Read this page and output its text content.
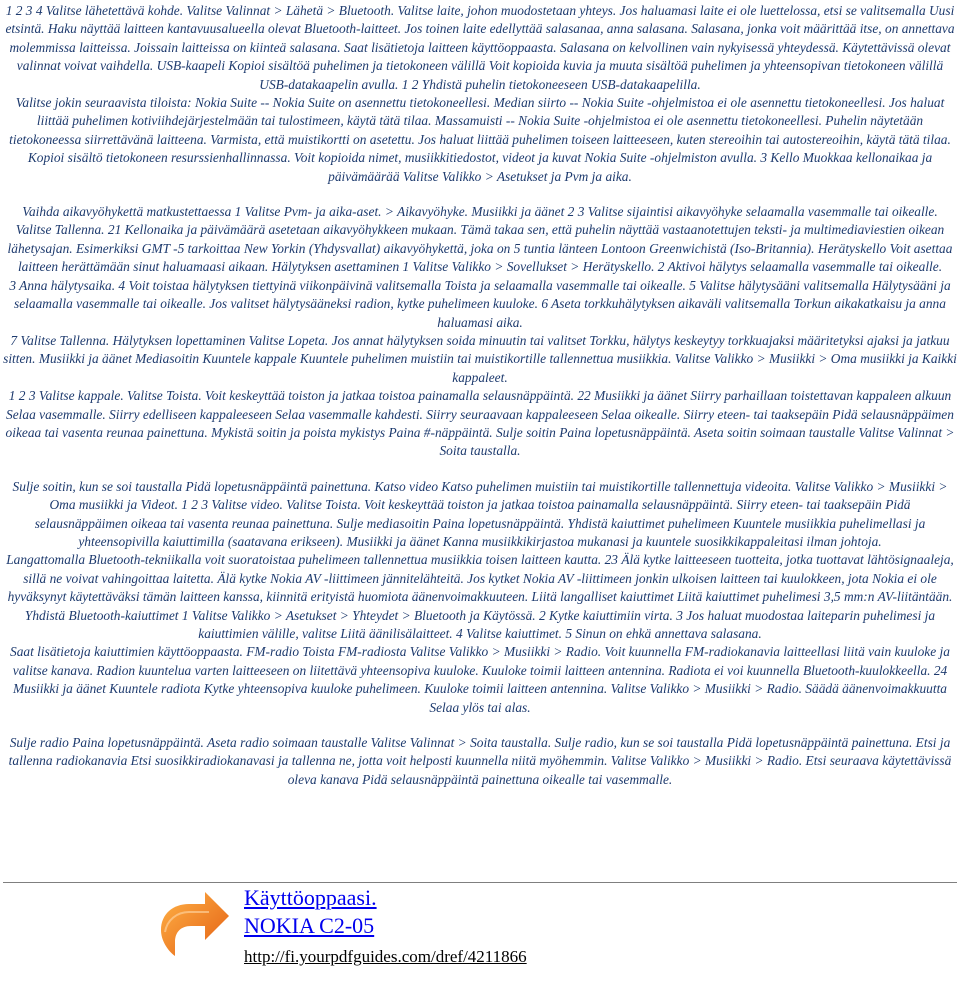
1 2 3 4 Valitse lähetettävä kohde. Valitse Valinnat > Lähetä > Bluetooth. Valitse laite, johon muodostetaan yhteys. Jos haluamasi laite ei ole luettelossa, etsi se valitsemalla Uusi etsintä. Haku näyttää laitteen kantavuusalueella olevat Bluetooth-laitteet. Jos toinen laite edellyttää salasanaa, anna salasana. Salasana, jonka voit määrittää itse, on annettava molemmissa laitteissa. Joissain laitteissa on kiinteä salasana. Saat lisätietoja laitteen käyttöoppaasta. Salasana on kelvollinen vain nykyisessä yhteydessä. Käytettävissä olevat valinnat voivat vaihdella. USB-kaapeli Kopioi sisältöä puhelimen ja tietokoneen välillä Voit kopioida kuvia ja muuta sisältöä puhelimen ja yhteensopivan tietokoneen välillä USB-datakaapelin avulla. 1 2 Yhdistä puhelin tietokoneeseen USB-datakaapelilla.

Valitse jokin seuraavista tiloista: Nokia Suite -- Nokia Suite on asennettu tietokoneellesi. Median siirto -- Nokia Suite -ohjelmistoa ei ole asennettu tietokoneellesi. Jos haluat liittää puhelimen kotiviihdejärjestelmään tai tulostimeen, käytä tätä tilaa. Massamuisti -- Nokia Suite -ohjelmistoa ei ole asennettu tietokoneellesi. Puhelin näytetään tietokoneessa siirrettävänä laitteena. Varmista, että muistikortti on asetettu. Jos haluat liittää puhelimen toiseen laitteeseen, kuten stereoihin tai autostereoihin, käytä tätä tilaa. Kopioi sisältö tietokoneen resurssienhallinnassa. Voit kopioida nimet, musiikkitiedostot, videot ja kuvat Nokia Suite -ohjelmiston avulla. 3 Kello Muokkaa kellonaikaa ja päivämäärää Valitse Valikko > Asetukset ja Pvm ja aika.

Vaihda aikavyöhykettä matkustettaessa 1 Valitse Pvm- ja aika-aset. > Aikavyöhyke. Musiikki ja äänet 2 3 Valitse sijaintisi aikavyöhyke selaamalla vasemmalle tai oikealle. Valitse Tallenna. 21 Kellonaika ja päivämäärä asetetaan aikavyöhykkeen mukaan. Tämä takaa sen, että puhelin näyttää vastaanotettujen teksti- ja multimediaviestien oikean lähetysajan. Esimerkiksi GMT -5 tarkoittaa New Yorkin (Yhdysvallat) aikavyöhykettä, joka on 5 tuntia länteen Lontoon Greenwichistä (Iso-Britannia). Herätyskello Voit asettaa laitteen herättämään sinut haluamaasi aikaan. Hälytyksen asettaminen 1 Valitse Valikko > Sovellukset > Herätyskello. 2 Aktivoi hälytys selaamalla vasemmalle tai oikealle.

3 Anna hälytysaika. 4 Voit toistaa hälytyksen tiettyinä viikonpäivinä valitsemalla Toista ja selaamalla vasemmalle tai oikealle. 5 Valitse hälytysääni valitsemalla Hälytysääni ja selaamalla vasemmalle tai oikealle. Jos valitset hälytysääneksi radion, kytke puhelimeen kuuloke. 6 Aseta torkkuhälytyksen aikaväli valitsemalla Torkun aikakatkaisu ja anna haluamasi aika.

7 Valitse Tallenna. Hälytyksen lopettaminen Valitse Lopeta. Jos annat hälytyksen soida minuutin tai valitset Torkku, hälytys keskeytyy torkkuajaksi määritetyksi ajaksi ja jatkuu sitten. Musiikki ja äänet Mediasoitin Kuuntele kappale Kuuntele puhelimen muistiin tai muistikortille tallennettua musiikkia. Valitse Valikko > Musiikki > Oma musiikki ja Kaikki kappaleet.

1 2 3 Valitse kappale. Valitse Toista. Voit keskeyttää toiston ja jatkaa toistoa painamalla selausnäppäintä. 22 Musiikki ja äänet Siirry parhaillaan toistettavan kappaleen alkuun Selaa vasemmalle. Siirry edelliseen kappaleeseen Selaa vasemmalle kahdesti. Siirry seuraavaan kappaleeseen Selaa oikealle. Siirry eteen- tai taaksepäin Pidä selausnäppäimen oikeaa tai vasenta reunaa painettuna. Mykistä soitin ja poista mykistys Paina #-näppäintä. Sulje soitin Paina lopetusnäppäintä. Aseta soitin soimaan taustalle Valitse Valinnat > Soita taustalla.

Sulje soitin, kun se soi taustalla Pidä lopetusnäppäintä painettuna. Katso video Katso puhelimen muistiin tai muistikortille tallennettuja videoita. Valitse Valikko > Musiikki > Oma musiikki ja Videot. 1 2 3 Valitse video. Valitse Toista. Voit keskeyttää toiston ja jatkaa toistoa painamalla selausnäppäintä. Siirry eteen- tai taaksepäin Pidä selausnäppäimen oikeaa tai vasenta reunaa painettuna. Sulje mediasoitin Paina lopetusnäppäintä. Yhdistä kaiuttimet puhelimeen Kuuntele musiikkia puhelimellasi ja yhteensopivilla kaiuttimilla (saatavana erikseen). Musiikki ja äänet Kanna musiikkikirjastoa mukanasi ja kuuntele suosikkikappaleitasi ilman johtoja.

Langattomalla Bluetooth-tekniikalla voit suoratoistaa puhelimeen tallennettua musiikkia toisen laitteen kautta. 23 Älä kytke laitteeseen tuotteita, jotka tuottavat lähtösignaaleja, sillä ne voivat vahingoittaa laitetta. Älä kytke Nokia AV -liittimeen jännitelähteitä. Jos kytket Nokia AV -liittimeen jonkin ulkoisen laitteen tai kuulokkeen, jota Nokia ei ole hyväksynyt käytettäväksi tämän laitteen kanssa, kiinnitä erityistä huomiota äänenvoimakkuuteen. Liitä langalliset kaiuttimet Liitä kaiuttimet puhelimesi 3,5 mm:n AV-liitäntään.

Yhdistä Bluetooth-kaiuttimet 1 Valitse Valikko > Asetukset > Yhteydet > Bluetooth ja Käytössä. 2 Kytke kaiuttimiin virta. 3 Jos haluat muodostaa laiteparin puhelimesi ja kaiuttimien välille, valitse Liitä äänilisälaitteet. 4 Valitse kaiuttimet. 5 Sinun on ehkä annettava salasana.

Saat lisätietoja kaiuttimien käyttöoppaasta. FM-radio Toista FM-radiosta Valitse Valikko > Musiikki > Radio. Voit kuunnella FM-radiokanavia laitteellasi liitä vain kuuloke ja valitse kanava. Radion kuuntelua varten laitteeseen on liitettävä yhteensopiva kuuloke. Kuuloke toimii laitteen antennina. Radiota ei voi kuunnella Bluetooth-kuulokkeella. 24 Musiikki ja äänet Kuuntele radiota Kytke yhteensopiva kuuloke puhelimeen. Kuuloke toimii laitteen antennina. Valitse Valikko > Musiikki > Radio. Säädä äänenvoimakkuutta Selaa ylös tai alas.

Sulje radio Paina lopetusnäppäintä. Aseta radio soimaan taustalle Valitse Valinnat > Soita taustalla. Sulje radio, kun se soi taustalla Pidä lopetusnäppäintä painettuna. Etsi ja tallenna radiokanavia Etsi suosikkiradiokanavasi ja tallenna ne, jotta voit helposti kuunnella niitä myöhemmin. Valitse Valikko > Musiikki > Radio. Etsi seuraava käytettävissä oleva kanava Pidä selausnäppäintä painettuna oikealle tai vasemmalle.

Käyttöoppaasi.
NOKIA C2-05
http://fi.yourpdfguides.com/dref/4211866
